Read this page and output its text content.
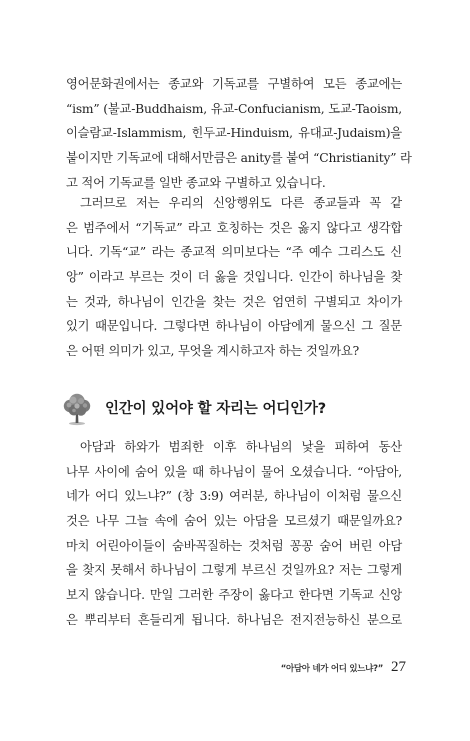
영어문화권에서는 종교와 기독교를 구별하여 모든 종교에는
“ism” (불교-Buddhaism, 유교-Confucianism, 도교-Taoism,
이슬람교-Islammism, 힌두교-Hinduism, 유대교-Judaism)을
붙이지만 기독교에 대해서만큼은 anity를 붙여 “Christianity” 라
고 적어 기독교를 일반 종교와 구별하고 있습니다.
그러므로 저는 우리의 신앙행위도 다른 종교들과 꼭 같
은 범주에서 “기독교” 라고 호칭하는 것은 옳지 않다고 생각합
니다. 기독“교” 라는 종교적 의미보다는 “주 예수 그리스도 신
앙” 이라고 부르는 것이 더 옳을 것입니다. 인간이 하나님을 찾
는 것과, 하나님이 인간을 찾는 것은 엄연히 구별되고 차이가
있기 때문입니다. 그렇다면 하나님이 아담에게 물으신 그 질문
은 어떤 의미가 있고, 무엇을 계시하고자 하는 것일까요?
인간이 있어야 할 자리는 어디인가?
아담과 하와가 범죄한 이후 하나님의 낯을 피하여 동산
나무 사이에 숨어 있을 때 하나님이 물어 오셨습니다. “아담아,
네가 어디 있느냐?” (창 3:9) 여러분, 하나님이 이처럼 물으신
것은 나무 그늘 속에 숨어 있는 아담을 모르셨기 때문일까요?
마치 어린아이들이 숨바꼭질하는 것처럼 꽁꽁 숨어 버린 아담
을 찾지 못해서 하나님이 그렇게 부르신 것일까요? 저는 그렇게
보지 않습니다. 만일 그러한 주장이 옳다고 한다면 기독교 신앙
은 뿌리부터 흔들리게 됩니다. 하나님은 전지전능하신 분으로
“아담아 네가 어디 있느냐?” 27
